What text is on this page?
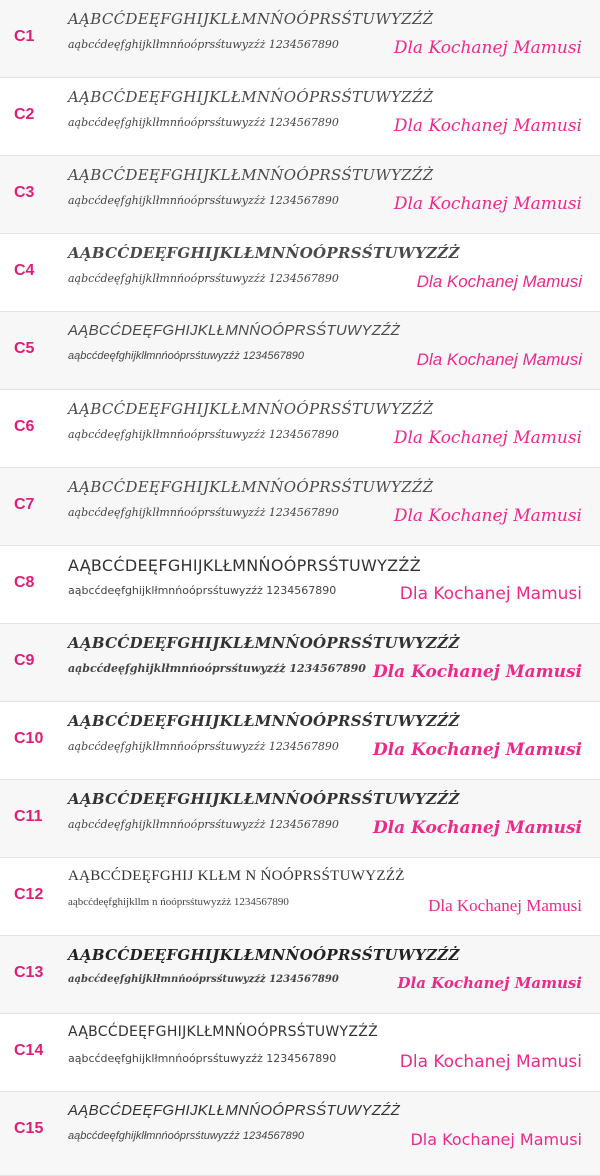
C1
AĄBCĆDEĘFGHIJKLŁMNŃOÓPRSŚTUWYZŹŻ
aąbcćdeęfghijklłmnńoóprsśtuwyzźż 1234567890	Dla Kochanej Mamusi
C2
AĄBCĆDEĘFGHIJKLŁMNŃOÓPRSŚTUWYZŹŻ
aąbcćdeęfghijklłmnńoóprsśtuwyzźż 1234567890	Dla Kochanej Mamusi
C3
AĄBCĆDEĘFGHIJKLŁMNŃOÓPRSŚTUWYZŹŻ
aąbcćdeęfghijklłmnńoóprsśtuwyzźż 1234567890	Dla Kochanej Mamusi
C4
AĄBCĆDEĘFGHIJKLŁMNŃOÓPRSŚTUWYZŹŻ
aąbcćdeęfghijklłmnńoóprsśtuwyzźż 1234567890	Dla Kochanej Mamusi
C5
AĄBCĆDEĘFGHIJKLŁMNŃOÓPRSŚTUWYZŹŻ
aąbcćdeęfghijklłmnńoóprsśtuwyzźż 1234567890	Dla Kochanej Mamusi
C6
AĄBCĆDEĘFGHIJKLŁMNŃOÓPRSŚTUWYZŹŻ
aąbcćdeęfghijklłmnńoóprsśtuwyzźż 1234567890	Dla Kochanej Mamusi
C7
AĄBCĆDEĘFGHIJKLŁMNŃOÓPRSŚTUWYZŹŻ
aąbcćdeęfghijklłmnńoóprsśtuwyzźż 1234567890	Dla Kochanej Mamusi
C8
AĄBCĆDEĘFGHIJKLŁMNŃOÓPRSŚTUWYZŹŻ
aąbcćdeęfghijklłmnńoóprsśtuwyzźż 1234567890	Dla Kochanej Mamusi
C9
AĄBCĆDEĘFGHIJKLŁMNŃOÓPRSŚTUWYZŹŻ
aąbcćdeęfghijklłmnńoóprsśtuwyzźż 1234567890 Dla Kochanej Mamusi
C10
AĄBCĆDEĘFGHIJKLŁMNŃOÓPRSŚTUWYZŹŻ
aąbcćdeęfghijklłmnńoóprsśtuwyzźż 1234567890 Dla Kochanej Mamusi
C11
AĄBCĆDEĘFGHIJKLŁMNŃOÓPRSŚTUWYZŹŻ
aąbcćdeęfghijklłmnńoóprsśtuwyzźż 1234567890 Dla Kochanej Mamusi
C12
AĄBCĆDEĘFGHIJ KLŁM N ŃOÓPRSŚTUWYZŹŻ
aąbcćdeęfghijkllm n ńoóprsśtuwyzźż 1234567890	Dla Kochanej Mamusi
C13
AĄBCĆDEĘFGHIJKLŁMNŃOÓPRSŚTUWYZŹŻ
aąbcćdeęfghijklłmnńoóprsśtuwyzźż 1234567890	Dla Kochanej Mamusi
C14
AĄBCĆDEĘFGHIJKLŁMNŃOÓPRSŚTUWYZŹŻ
aąbcćdeęfghijklłmnńoóprsśtuwyzźż 1234567890	Dla Kochanej Mamusi
C15
AĄBCĆDEĘFGHIJKLŁMNŃOÓPRSŚTUWYZŹŻ
aąbcćdeęfghijklłmnńoóprsśtuwyzźż 1234567890	Dla Kochanej Mamusi
